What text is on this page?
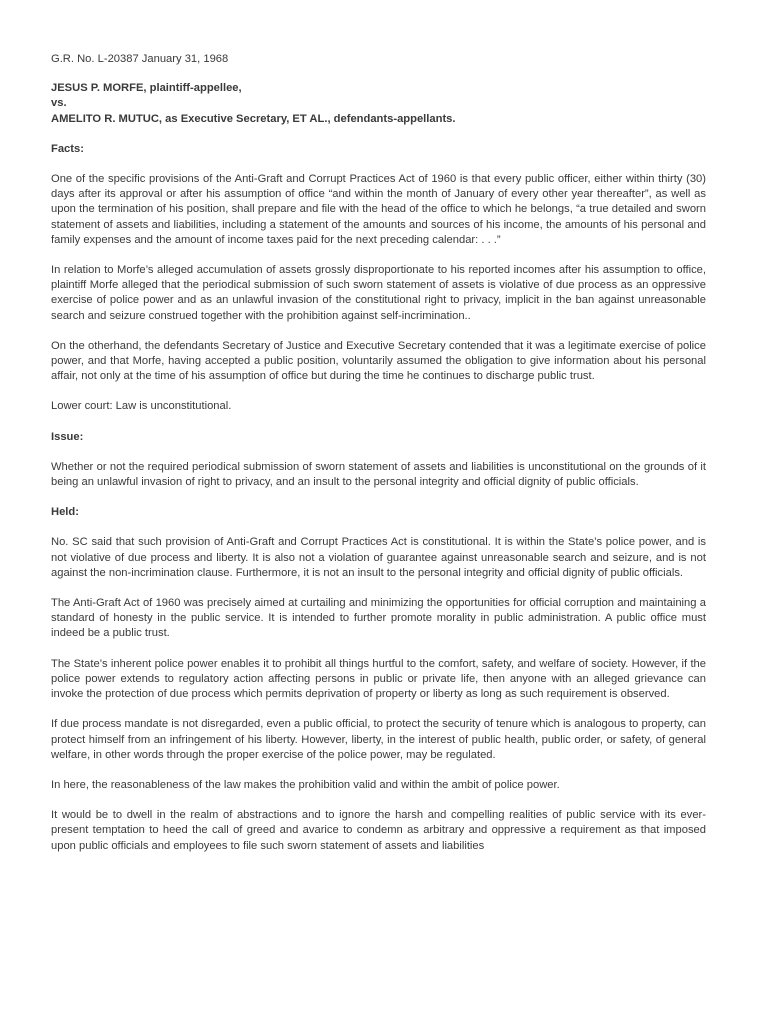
G.R. No. L-20387 January 31, 1968

JESUS P. MORFE, plaintiff-appellee,

vs.

AMELITO R. MUTUC, as Executive Secretary, ET AL., defendants-appellants.

Facts:

One of the specific provisions of the Anti-Graft and Corrupt Practices Act of 1960 is that every public officer, either within thirty (30) days after its approval or after his assumption of office “and within the month of January of every other year thereafter”, as well as upon the termination of his position, shall prepare and file with the head of the office to which he belongs, “a true detailed and sworn statement of assets and liabilities, including a statement of the amounts and sources of his income, the amounts of his personal and family expenses and the amount of income taxes paid for the next preceding calendar: . . .”

In relation to Morfe’s alleged accumulation of assets grossly disproportionate to his reported incomes after his assumption to office, plaintiff Morfe alleged that the periodical submission of such sworn statement of assets is violative of due process as an oppressive exercise of police power and as an unlawful invasion of the constitutional right to privacy, implicit in the ban against unreasonable search and seizure construed together with the prohibition against self-incrimination..

On the otherhand, the defendants Secretary of Justice and Executive Secretary contended that it was a legitimate exercise of police power, and that Morfe, having accepted a public position, voluntarily assumed the obligation to give information about his personal affair, not only at the time of his assumption of office but during the time he continues to discharge public trust.

Lower court: Law is unconstitutional.

Issue:

Whether or not the required periodical submission of sworn statement of assets and liabilities is unconstitutional on the grounds of it being an unlawful invasion of right to privacy, and an insult to the personal integrity and official dignity of public officials.

Held:

No. SC said that such provision of Anti-Graft and Corrupt Practices Act is constitutional. It is within the State’s police power, and is not violative of due process and liberty. It is also not a violation of guarantee against unreasonable search and seizure, and is not against the non-incrimination clause. Furthermore, it is not an insult to the personal integrity and official dignity of public officials.

The Anti-Graft Act of 1960 was precisely aimed at curtailing and minimizing the opportunities for official corruption and maintaining a standard of honesty in the public service. It is intended to further promote morality in public administration. A public office must indeed be a public trust.

The State’s inherent police power enables it to prohibit all things hurtful to the comfort, safety, and welfare of society. However, if the police power extends to regulatory action affecting persons in public or private life, then anyone with an alleged grievance can invoke the protection of due process which permits deprivation of property or liberty as long as such requirement is observed.

If due process mandate is not disregarded, even a public official, to protect the security of tenure which is analogous to property, can protect himself from an infringement of his liberty. However, liberty, in the interest of public health, public order, or safety, of general welfare, in other words through the proper exercise of the police power, may be regulated.

In here, the reasonableness of the law makes the prohibition valid and within the ambit of police power.

It would be to dwell in the realm of abstractions and to ignore the harsh and compelling realities of public service with its ever-present temptation to heed the call of greed and avarice to condemn as arbitrary and oppressive a requirement as that imposed upon public officials and employees to file such sworn statement of assets and liabilities
